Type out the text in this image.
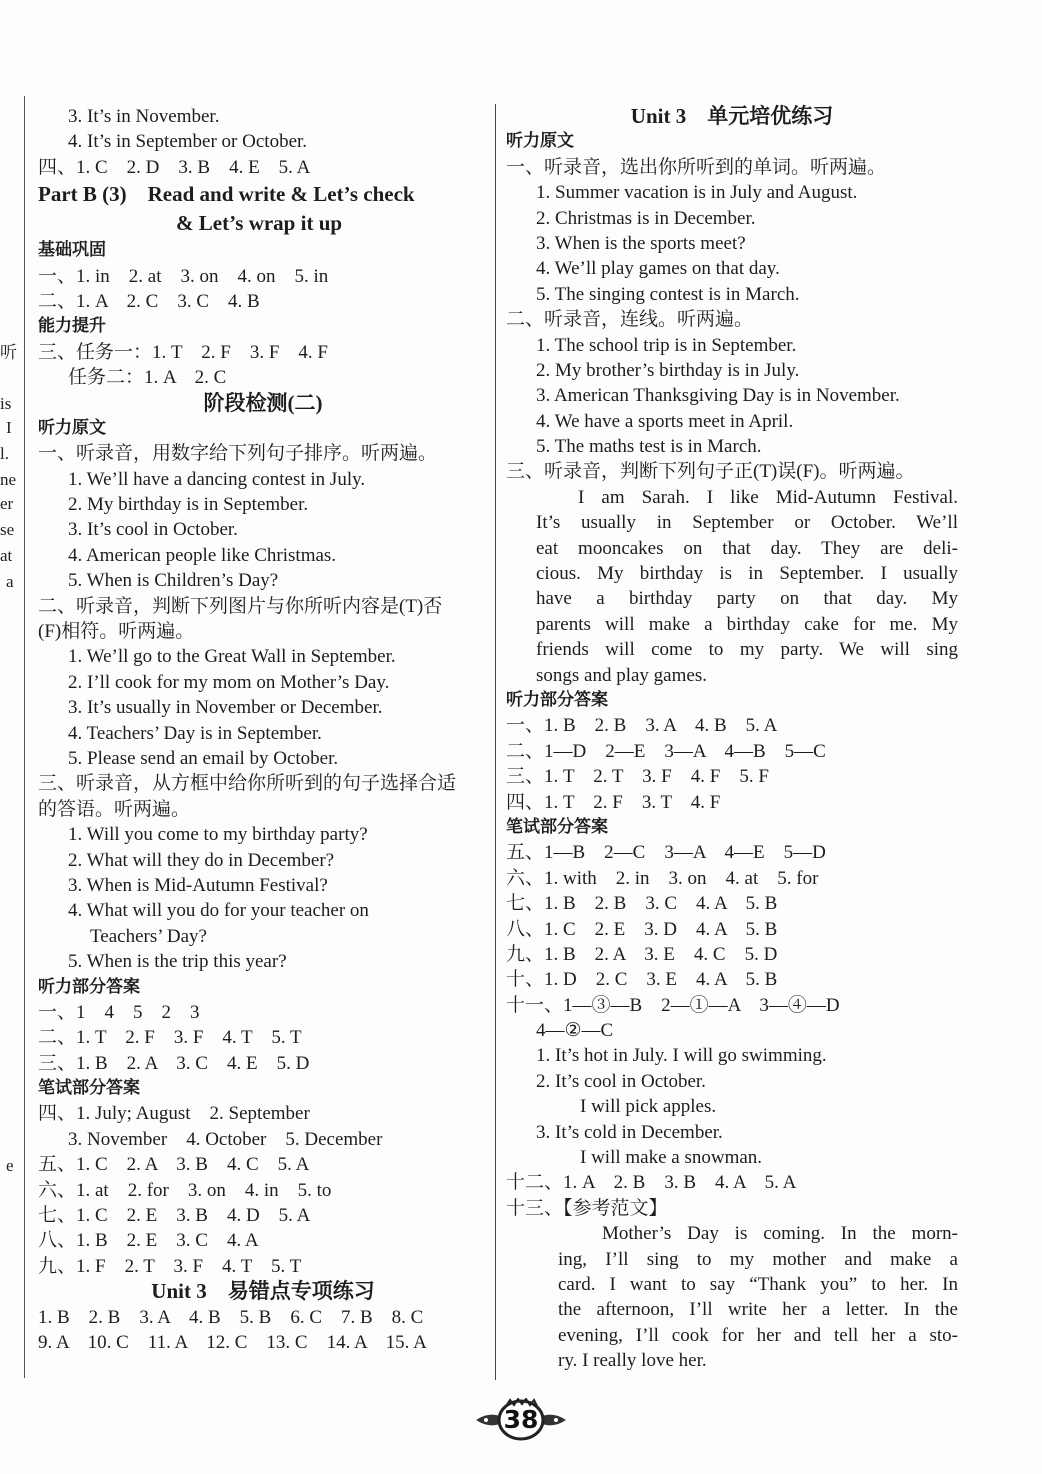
听
is
I
l.
ne
er
se
at
a
e
3. It’s in November.
4. It’s in September or October.
四、1. C　2. D　3. B　4. E　5. A
Part B (3)　Read and write & Let’s check
& Let’s wrap it up
基础巩固
一、1. in　2. at　3. on　4. on　5. in
二、1. A　2. C　3. C　4. B
能力提升
三、任务一：1. T　2. F　3. F　4. F
任务二：1. A　2. C
阶段检测(二)
听力原文
一、听录音，用数字给下列句子排序。听两遍。
1. We’ll have a dancing contest in July.
2. My birthday is in September.
3. It’s cool in October.
4. American people like Christmas.
5. When is Children’s Day?
二、听录音，判断下列图片与你所听内容是(T)否
(F)相符。听两遍。
1. We’ll go to the Great Wall in September.
2. I’ll cook for my mom on Mother’s Day.
3. It’s usually in November or December.
4. Teachers’ Day is in September.
5. Please send an email by October.
三、听录音，从方框中给你所听到的句子选择合适
的答语。听两遍。
1. Will you come to my birthday party?
2. What will they do in December?
3. When is Mid-Autumn Festival?
4. What will you do for your teacher on
Teachers’ Day?
5. When is the trip this year?
听力部分答案
一、1　4　5　2　3
二、1. T　2. F　3. F　4. T　5. T
三、1. B　2. A　3. C　4. E　5. D
笔试部分答案
四、1. July; August　2. September
3. November　4. October　5. December
五、1. C　2. A　3. B　4. C　5. A
六、1. at　2. for　3. on　4. in　5. to
七、1. C　2. E　3. B　4. D　5. A
八、1. B　2. E　3. C　4. A
九、1. F　2. T　3. F　4. T　5. T
Unit 3　易错点专项练习
1. B　2. B　3. A　4. B　5. B　6. C　7. B　8. C
9. A　10. C　11. A　12. C　13. C　14. A　15. A
Unit 3　单元培优练习
听力原文
一、听录音，选出你所听到的单词。听两遍。
1. Summer vacation is in July and August.
2. Christmas is in December.
3. When is the sports meet?
4. We’ll play games on that day.
5. The singing contest is in March.
二、听录音，连线。听两遍。
1. The school trip is in September.
2. My brother’s birthday is in July.
3. American Thanksgiving Day is in November.
4. We have a sports meet in April.
5. The maths test is in March.
三、听录音，判断下列句子正(T)误(F)。听两遍。
I am Sarah. I like Mid-Autumn Festival.
It’s usually in September or October. We’ll
eat mooncakes on that day. They are deli-
cious. My birthday is in September. I usually
have a birthday party on that day. My
parents will make a birthday cake for me. My
friends will come to my party. We will sing
songs and play games.
听力部分答案
一、1. B　2. B　3. A　4. B　5. A
二、1—D　2—E　3—A　4—B　5—C
三、1. T　2. T　3. F　4. F　5. F
四、1. T　2. F　3. T　4. F
笔试部分答案
五、1—B　2—C　3—A　4—E　5—D
六、1. with　2. in　3. on　4. at　5. for
七、1. B　2. B　3. C　4. A　5. B
八、1. C　2. E　3. D　4. A　5. B
九、1. B　2. A　3. E　4. C　5. D
十、1. D　2. C　3. E　4. A　5. B
十一、1—③—B　2—①—A　3—④—D
4—②—C
1. It’s hot in July. I will go swimming.
2. It’s cool in October.
I will pick apples.
3. It’s cold in December.
I will make a snowman.
十二、1. A　2. B　3. B　4. A　5. A
十三、【参考范文】
Mother’s Day is coming. In the morn-
ing, I’ll sing to my mother and make a
card. I want to say “Thank you” to her. In
the afternoon, I’ll write her a letter. In the
evening, I’ll cook for her and tell her a sto-
ry. I really love her.
38
